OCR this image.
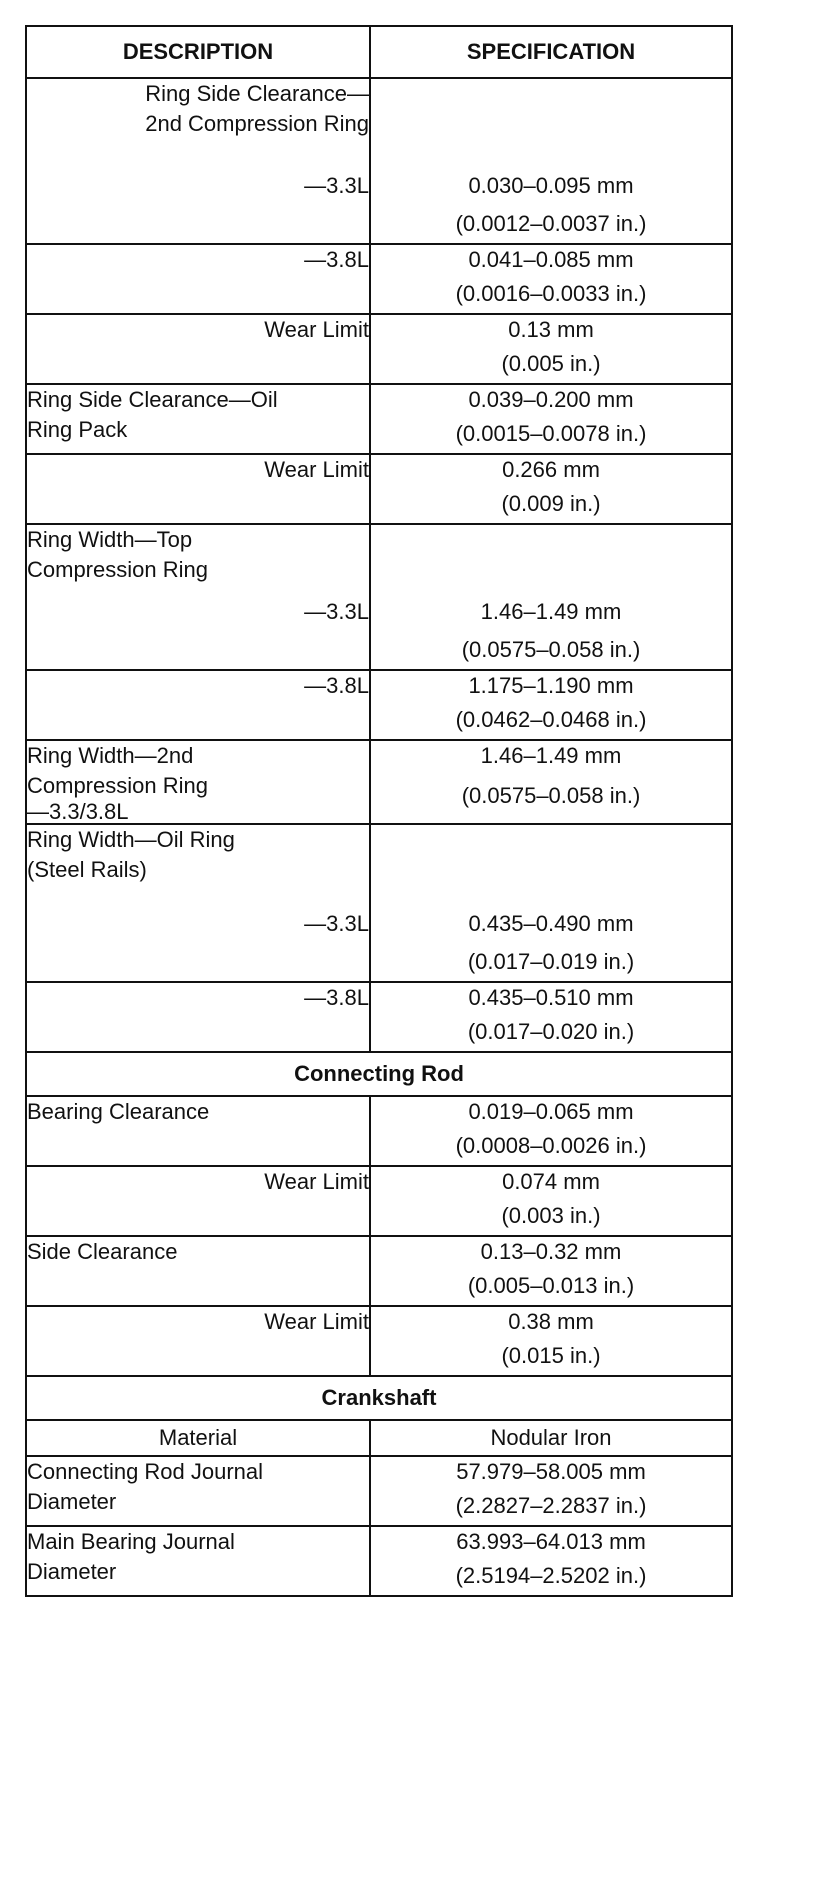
DESCRIPTION	SPECIFICATION

Ring Side Clearance—
2nd Compression Ring
—3.3L	0.030–0.095 mm
(0.0012–0.0037 in.)

—3.8L	0.041–0.085 mm
(0.0016–0.0033 in.)

Wear Limit	0.13 mm
(0.005 in.)

Ring Side Clearance—Oil
Ring Pack	0.039–0.200 mm
(0.0015–0.0078 in.)

Wear Limit	0.266 mm
(0.009 in.)

Ring Width—Top
Compression Ring
—3.3L	1.46–1.49 mm
(0.0575–0.058 in.)

—3.8L	1.175–1.190 mm
(0.0462–0.0468 in.)

Ring Width—2nd
Compression Ring
—3.3/3.8L	1.46–1.49 mm
(0.0575–0.058 in.)

Ring Width—Oil Ring
(Steel Rails)
—3.3L	0.435–0.490 mm
(0.017–0.019 in.)

—3.8L	0.435–0.510 mm
(0.017–0.020 in.)

Connecting Rod	

Bearing Clearance	0.019–0.065 mm
(0.0008–0.0026 in.)

Wear Limit	0.074 mm
(0.003 in.)

Side Clearance	0.13–0.32 mm
(0.005–0.013 in.)

Wear Limit	0.38 mm
(0.015 in.)

Crankshaft	

Material	Nodular Iron

Connecting Rod Journal
Diameter	57.979–58.005 mm
(2.2827–2.2837 in.)

Main Bearing Journal
Diameter	63.993–64.013 mm
(2.5194–2.5202 in.)
